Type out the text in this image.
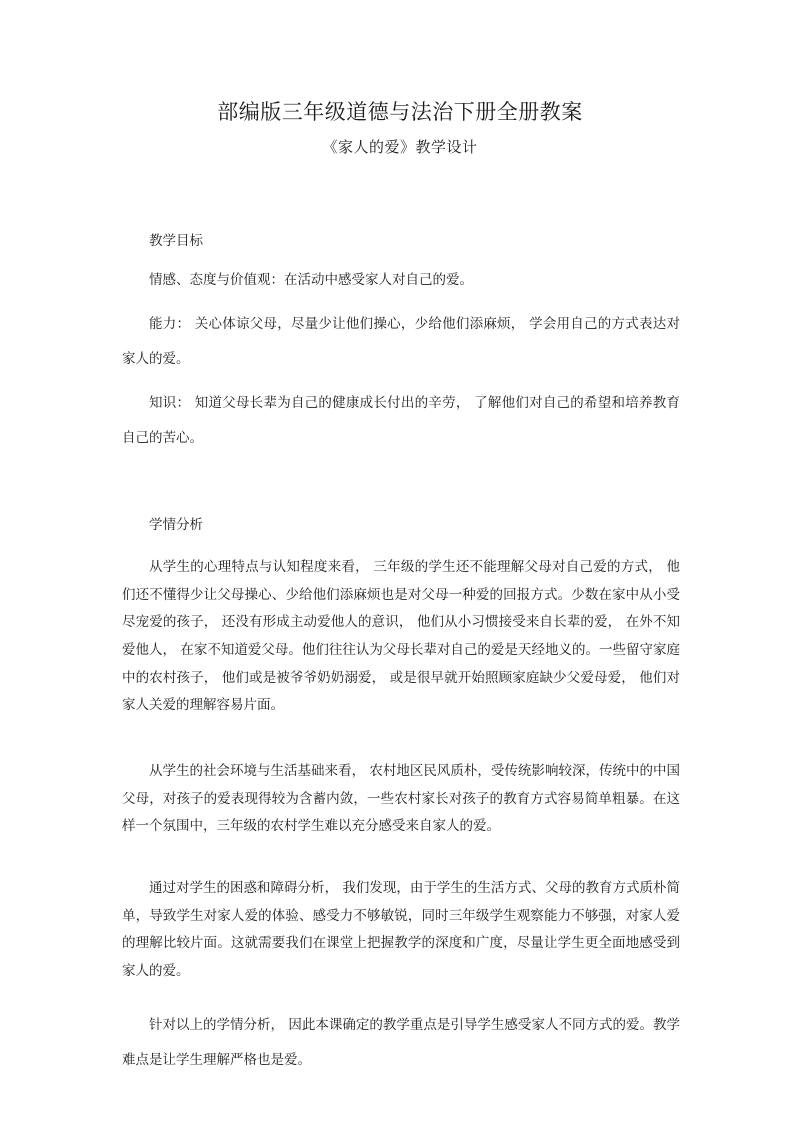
部编版三年级道德与法治下册全册教案
《家人的爱》教学设计
教学目标

情感、态度与价值观：在活动中感受家人对自己的爱。

能力： 关心体谅父母，尽量少让他们操心，少给他们添麻烦， 学会用自己的方式表达对家人的爱。

知识： 知道父母长辈为自己的健康成长付出的辛劳， 了解他们对自己的希望和培养教育自己的苦心。

学情分析

从学生的心理特点与认知程度来看， 三年级的学生还不能理解父母对自己爱的方式， 他们还不懂得少让父母操心、少给他们添麻烦也是对父母一种爱的回报方式。少数在家中从小受尽宠爱的孩子， 还没有形成主动爱他人的意识， 他们从小习惯接受来自长辈的爱， 在外不知爱他人， 在家不知道爱父母。他们往往认为父母长辈对自己的爱是天经地义的。一些留守家庭中的农村孩子， 他们或是被爷爷奶奶溺爱， 或是很早就开始照顾家庭缺少父爱母爱， 他们对家人关爱的理解容易片面。

从学生的社会环境与生活基础来看， 农村地区民风质朴，受传统影响较深，传统中的中国父母，对孩子的爱表现得较为含蓄内敛，一些农村家长对孩子的教育方式容易简单粗暴。在这样一个氛围中，三年级的农村学生难以充分感受来自家人的爱。

通过对学生的困惑和障碍分析， 我们发现，由于学生的生活方式、父母的教育方式质朴简单，导致学生对家人爱的体验、感受力不够敏锐，同时三年级学生观察能力不够强，对家人爱的理解比较片面。这就需要我们在课堂上把握教学的深度和广度，尽量让学生更全面地感受到家人的爱。

针对以上的学情分析， 因此本课确定的教学重点是引导学生感受家人不同方式的爱。教学难点是让学生理解严格也是爱。
